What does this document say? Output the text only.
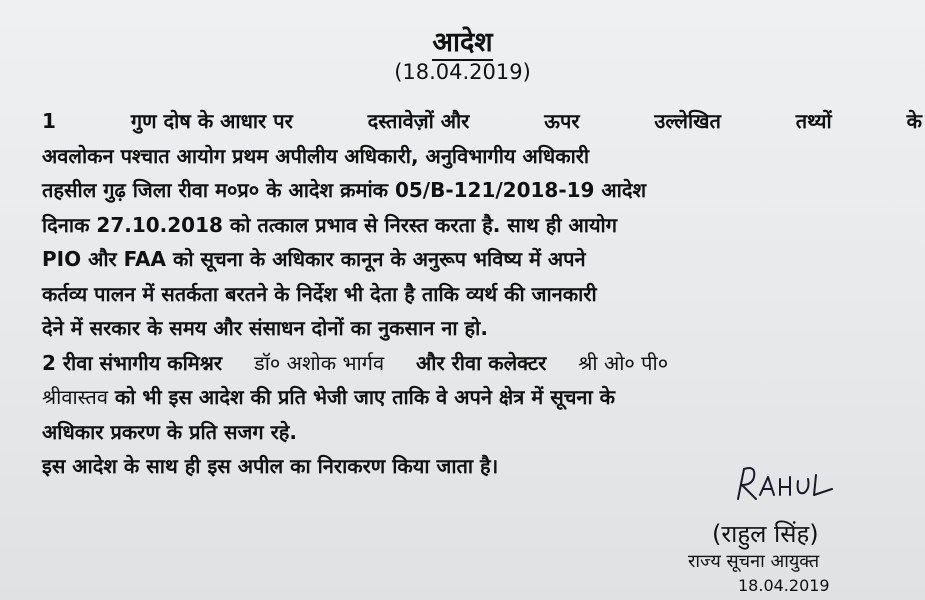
आदेश
(18.04.2019)
1	गुण दोष के आधार पर	दस्तावेज़ों और	ऊपर	उल्लेखित	तथ्यों	के
अवलोकन पश्चात आयोग प्रथम अपीलीय अधिकारी, अनुविभागीय अधिकारी
तहसील गुढ़ जिला रीवा म०प्र० के आदेश क्रमांक 05/B-121/2018-19 आदेश
दिनाक 27.10.2018 को तत्काल प्रभाव से निरस्त करता है. साथ ही आयोग
PIO और FAA को सूचना के अधिकार कानून के अनुरूप भविष्य में अपने
कर्तव्य पालन में सतर्कता बरतने के निर्देश भी देता है ताकि व्यर्थ की जानकारी
देने में सरकार के समय और संसाधन दोनों का नुकसान ना हो.
2 रीवा संभागीय कमिश्नर डॉ० अशोक भार्गव और रीवा कलेक्टर श्री ओ० पी०
श्रीवास्तव को भी इस आदेश की प्रति भेजी जाए ताकि वे अपने क्षेत्र में सूचना के
अधिकार प्रकरण के प्रति सजग रहे.
इस आदेश के साथ ही इस अपील का निराकरण किया जाता है।
(राहुल सिंह)
राज्य सूचना आयुक्त
18.04.2019
